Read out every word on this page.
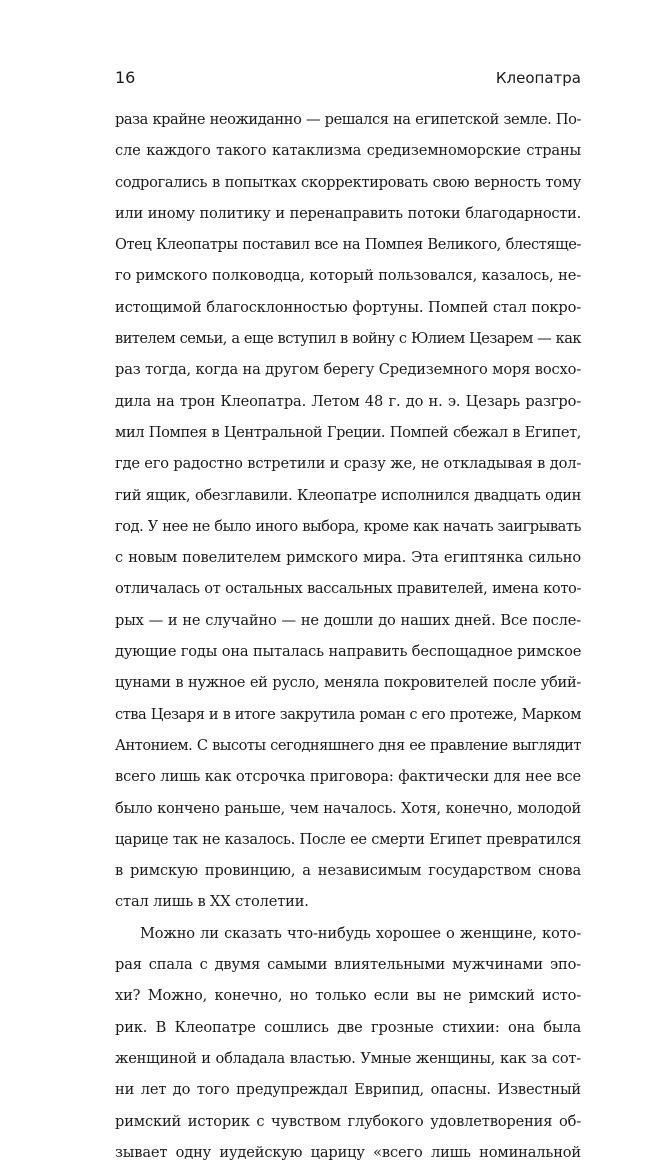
16	Клеопатра
раза крайне неожиданно — решался на египетской земле. По-
сле каждого такого катаклизма средиземноморские страны
содрогались в попытках скорректировать свою верность тому
или иному политику и перенаправить потоки благодарности.
Отец Клеопатры поставил все на Помпея Великого, блестяще-
го римского полководца, который пользовался, казалось, не-
истощимой благосклонностью фортуны. Помпей стал покро-
вителем семьи, а еще вступил в войну с Юлием Цезарем — как
раз тогда, когда на другом берегу Средиземного моря восхо-
дила на трон Клеопатра. Летом 48 г. до н. э. Цезарь разгро-
мил Помпея в Центральной Греции. Помпей сбежал в Египет,
где его радостно встретили и сразу же, не откладывая в дол-
гий ящик, обезглавили. Клеопатре исполнился двадцать один
год. У нее не было иного выбора, кроме как начать заигрывать
с новым повелителем римского мира. Эта египтянка сильно
отличалась от остальных вассальных правителей, имена кото-
рых — и не случайно — не дошли до наших дней. Все после-
дующие годы она пыталась направить беспощадное римское
цунами в нужное ей русло, меняла покровителей после убий-
ства Цезаря и в итоге закрутила роман с его протеже, Марком
Антонием. С высоты сегодняшнего дня ее правление выглядит
всего лишь как отсрочка приговора: фактически для нее все
было кончено раньше, чем началось. Хотя, конечно, молодой
царице так не казалось. После ее смерти Египет превратился
в римскую провинцию, а независимым государством снова
стал лишь в XX столетии.
Можно ли сказать что-нибудь хорошее о женщине, кото-
рая спала с двумя самыми влиятельными мужчинами эпо-
хи? Можно, конечно, но только если вы не римский исто-
рик. В Клеопатре сошлись две грозные стихии: она была
женщиной и обладала властью. Умные женщины, как за сот-
ни лет до того предупреждал Еврипид, опасны. Известный
римский историк с чувством глубокого удовлетворения об-
зывает одну иудейскую царицу «всего лишь номинальной
